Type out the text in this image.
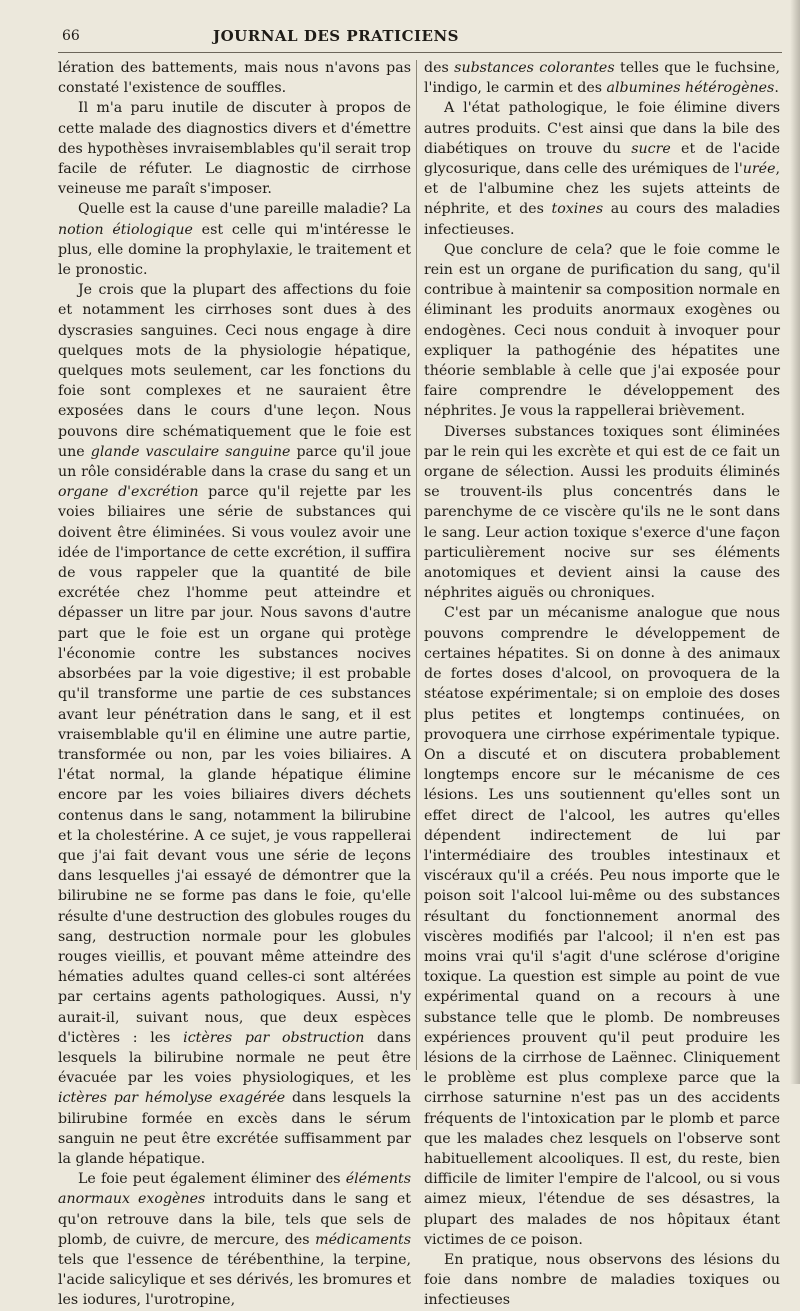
66	JOURNAL DES PRATICIENS

lération des battements, mais nous n'avons pas constaté l'existence de souffles.

Il m'a paru inutile de discuter à propos de cette malade des diagnostics divers et d'émettre des hypothèses invraisemblables qu'il serait trop facile de réfuter. Le diagnostic de cirrhose veineuse me paraît s'imposer.

Quelle est la cause d'une pareille maladie? La notion étiologique est celle qui m'intéresse le plus, elle domine la prophylaxie, le traitement et le pronostic.

Je crois que la plupart des affections du foie et notamment les cirrhoses sont dues à des dyscrasies sanguines. Ceci nous engage à dire quelques mots de la physiologie hépatique, quelques mots seulement, car les fonctions du foie sont complexes et ne sauraient être exposées dans le cours d'une leçon. Nous pouvons dire schématiquement que le foie est une glande vasculaire sanguine parce qu'il joue un rôle considérable dans la crase du sang et un organe d'excrétion parce qu'il rejette par les voies biliaires une série de substances qui doivent être éliminées. Si vous voulez avoir une idée de l'importance de cette excrétion, il suffira de vous rappeler que la quantité de bile excrétée chez l'homme peut atteindre et dépasser un litre par jour. Nous savons d'autre part que le foie est un organe qui protège l'économie contre les substances nocives absorbées par la voie digestive; il est probable qu'il transforme une partie de ces substances avant leur pénétration dans le sang, et il est vraisemblable qu'il en élimine une autre partie, transformée ou non, par les voies biliaires. A l'état normal, la glande hépatique élimine encore par les voies biliaires divers déchets contenus dans le sang, notamment la bilirubine et la cholestérine. A ce sujet, je vous rappellerai que j'ai fait devant vous une série de leçons dans lesquelles j'ai essayé de démontrer que la bilirubine ne se forme pas dans le foie, qu'elle résulte d'une destruction des globules rouges du sang, destruction normale pour les globules rouges vieillis, et pouvant même atteindre des hématies adultes quand celles-ci sont altérées par certains agents pathologiques. Aussi, n'y aurait-il, suivant nous, que deux espèces d'ictères : les ictères par obstruction dans lesquels la bilirubine normale ne peut être évacuée par les voies physiologiques, et les ictères par hémolyse exagérée dans lesquels la bilirubine formée en excès dans le sérum sanguin ne peut être excrétée suffisamment par la glande hépatique.

Le foie peut également éliminer des éléments anormaux exogènes introduits dans le sang et qu'on retrouve dans la bile, tels que sels de plomb, de cuivre, de mercure, des médicaments tels que l'essence de térébenthine, la terpine, l'acide salicylique et ses dérivés, les bromures et les iodures, l'urotropine,

des substances colorantes telles que le fuchsine, l'indigo, le carmin et des albumines hétérogènes.

A l'état pathologique, le foie élimine divers autres produits. C'est ainsi que dans la bile des diabétiques on trouve du sucre et de l'acide glycosurique, dans celle des urémiques de l'urée, et de l'albumine chez les sujets atteints de néphrite, et des toxines au cours des maladies infectieuses.

Que conclure de cela? que le foie comme le rein est un organe de purification du sang, qu'il contribue à maintenir sa composition normale en éliminant les produits anormaux exogènes ou endogènes. Ceci nous conduit à invoquer pour expliquer la pathogénie des hépatites une théorie semblable à celle que j'ai exposée pour faire comprendre le développement des néphrites. Je vous la rappellerai brièvement.

Diverses substances toxiques sont éliminées par le rein qui les excrète et qui est de ce fait un organe de sélection. Aussi les produits éliminés se trouvent-ils plus concentrés dans le parenchyme de ce viscère qu'ils ne le sont dans le sang. Leur action toxique s'exerce d'une façon particulièrement nocive sur ses éléments anotomiques et devient ainsi la cause des néphrites aiguës ou chroniques.

C'est par un mécanisme analogue que nous pouvons comprendre le développement de certaines hépatites. Si on donne à des animaux de fortes doses d'alcool, on provoquera de la stéatose expérimentale; si on emploie des doses plus petites et longtemps continuées, on provoquera une cirrhose expérimentale typique. On a discuté et on discutera probablement longtemps encore sur le mécanisme de ces lésions. Les uns soutiennent qu'elles sont un effet direct de l'alcool, les autres qu'elles dépendent indirectement de lui par l'intermédiaire des troubles intestinaux et viscéraux qu'il a créés. Peu nous importe que le poison soit l'alcool lui-même ou des substances résultant du fonctionnement anormal des viscères modifiés par l'alcool; il n'en est pas moins vrai qu'il s'agit d'une sclérose d'origine toxique. La question est simple au point de vue expérimental quand on a recours à une substance telle que le plomb. De nombreuses expériences prouvent qu'il peut produire les lésions de la cirrhose de Laënnec. Cliniquement le problème est plus complexe parce que la cirrhose saturnine n'est pas un des accidents fréquents de l'intoxication par le plomb et parce que les malades chez lesquels on l'observe sont habituellement alcooliques. Il est, du reste, bien difficile de limiter l'empire de l'alcool, ou si vous aimez mieux, l'étendue de ses désastres, la plupart des malades de nos hôpitaux étant victimes de ce poison.

En pratique, nous observons des lésions du foie dans nombre de maladies toxiques ou infectieuses
